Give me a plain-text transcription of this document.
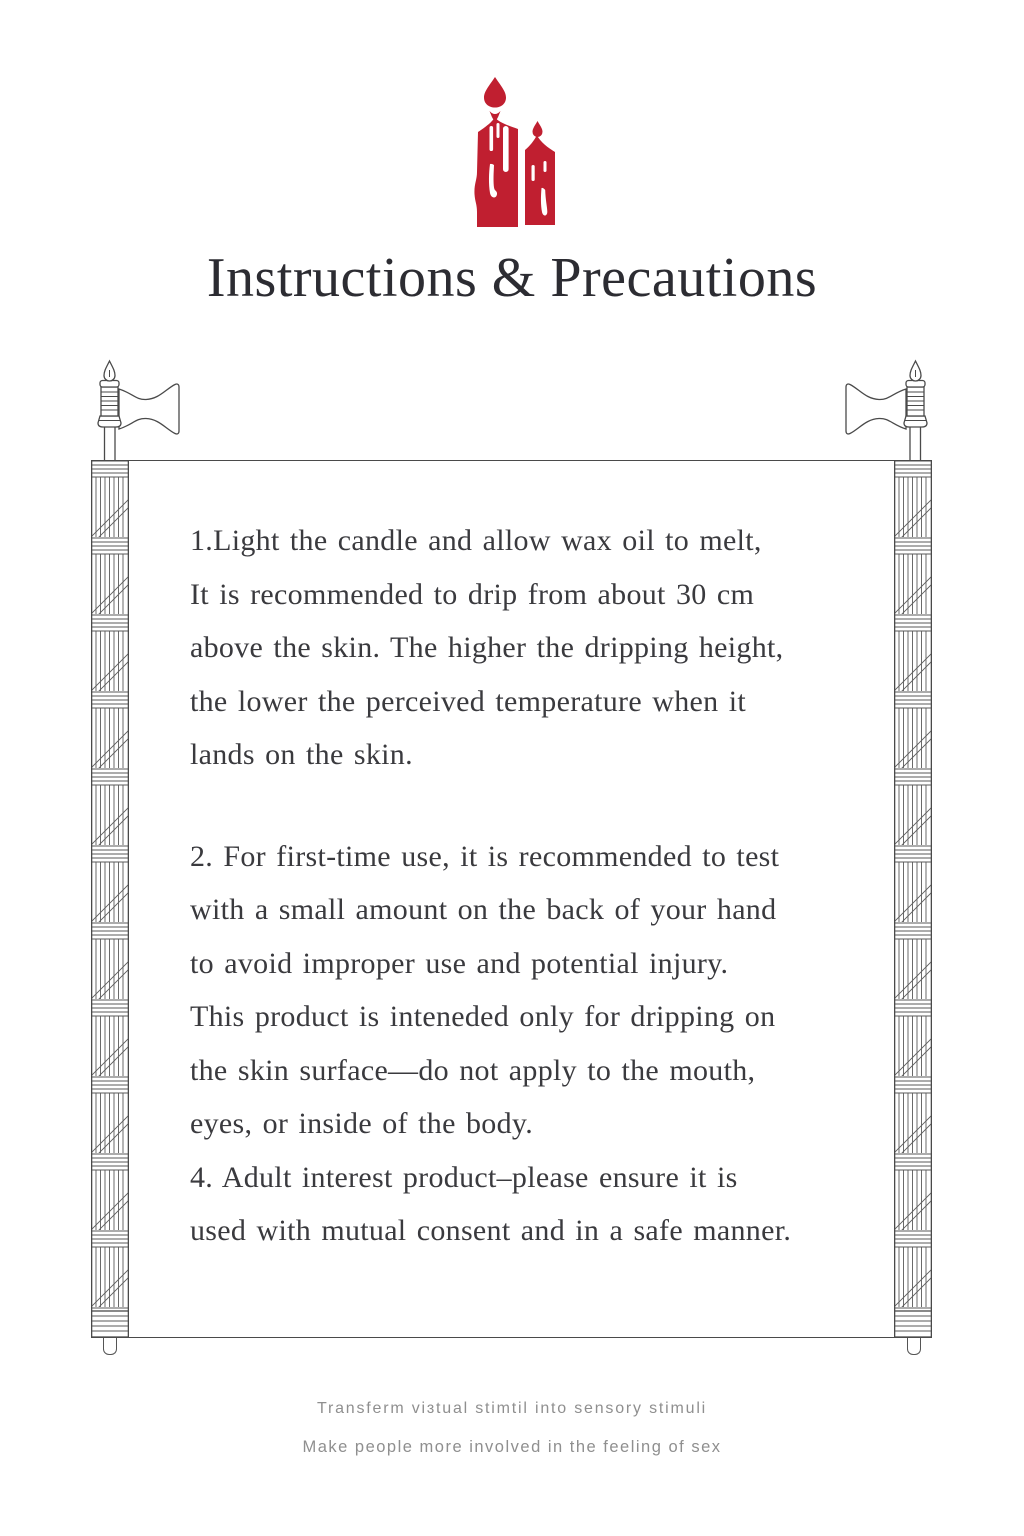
Instructions & Precautions
1.Light the candle and allow wax oil to melt,
It is recommended to drip from about 30 cm
above the skin. The higher the dripping height,
the lower the perceived temperature when it
lands on the skin.
2. For first-time use, it is recommended to test
with a small amount on the back of your hand
to avoid improper use and potential injury.
This product is inteneded only for dripping on
the skin surface—do not apply to the mouth,
eyes, or inside of the body.
4. Adult interest product–please ensure it is
used with mutual consent and in a safe manner.
Transferm viɜtual stimtil into sensory stimuli
Make people more involved in the feeling of sex
